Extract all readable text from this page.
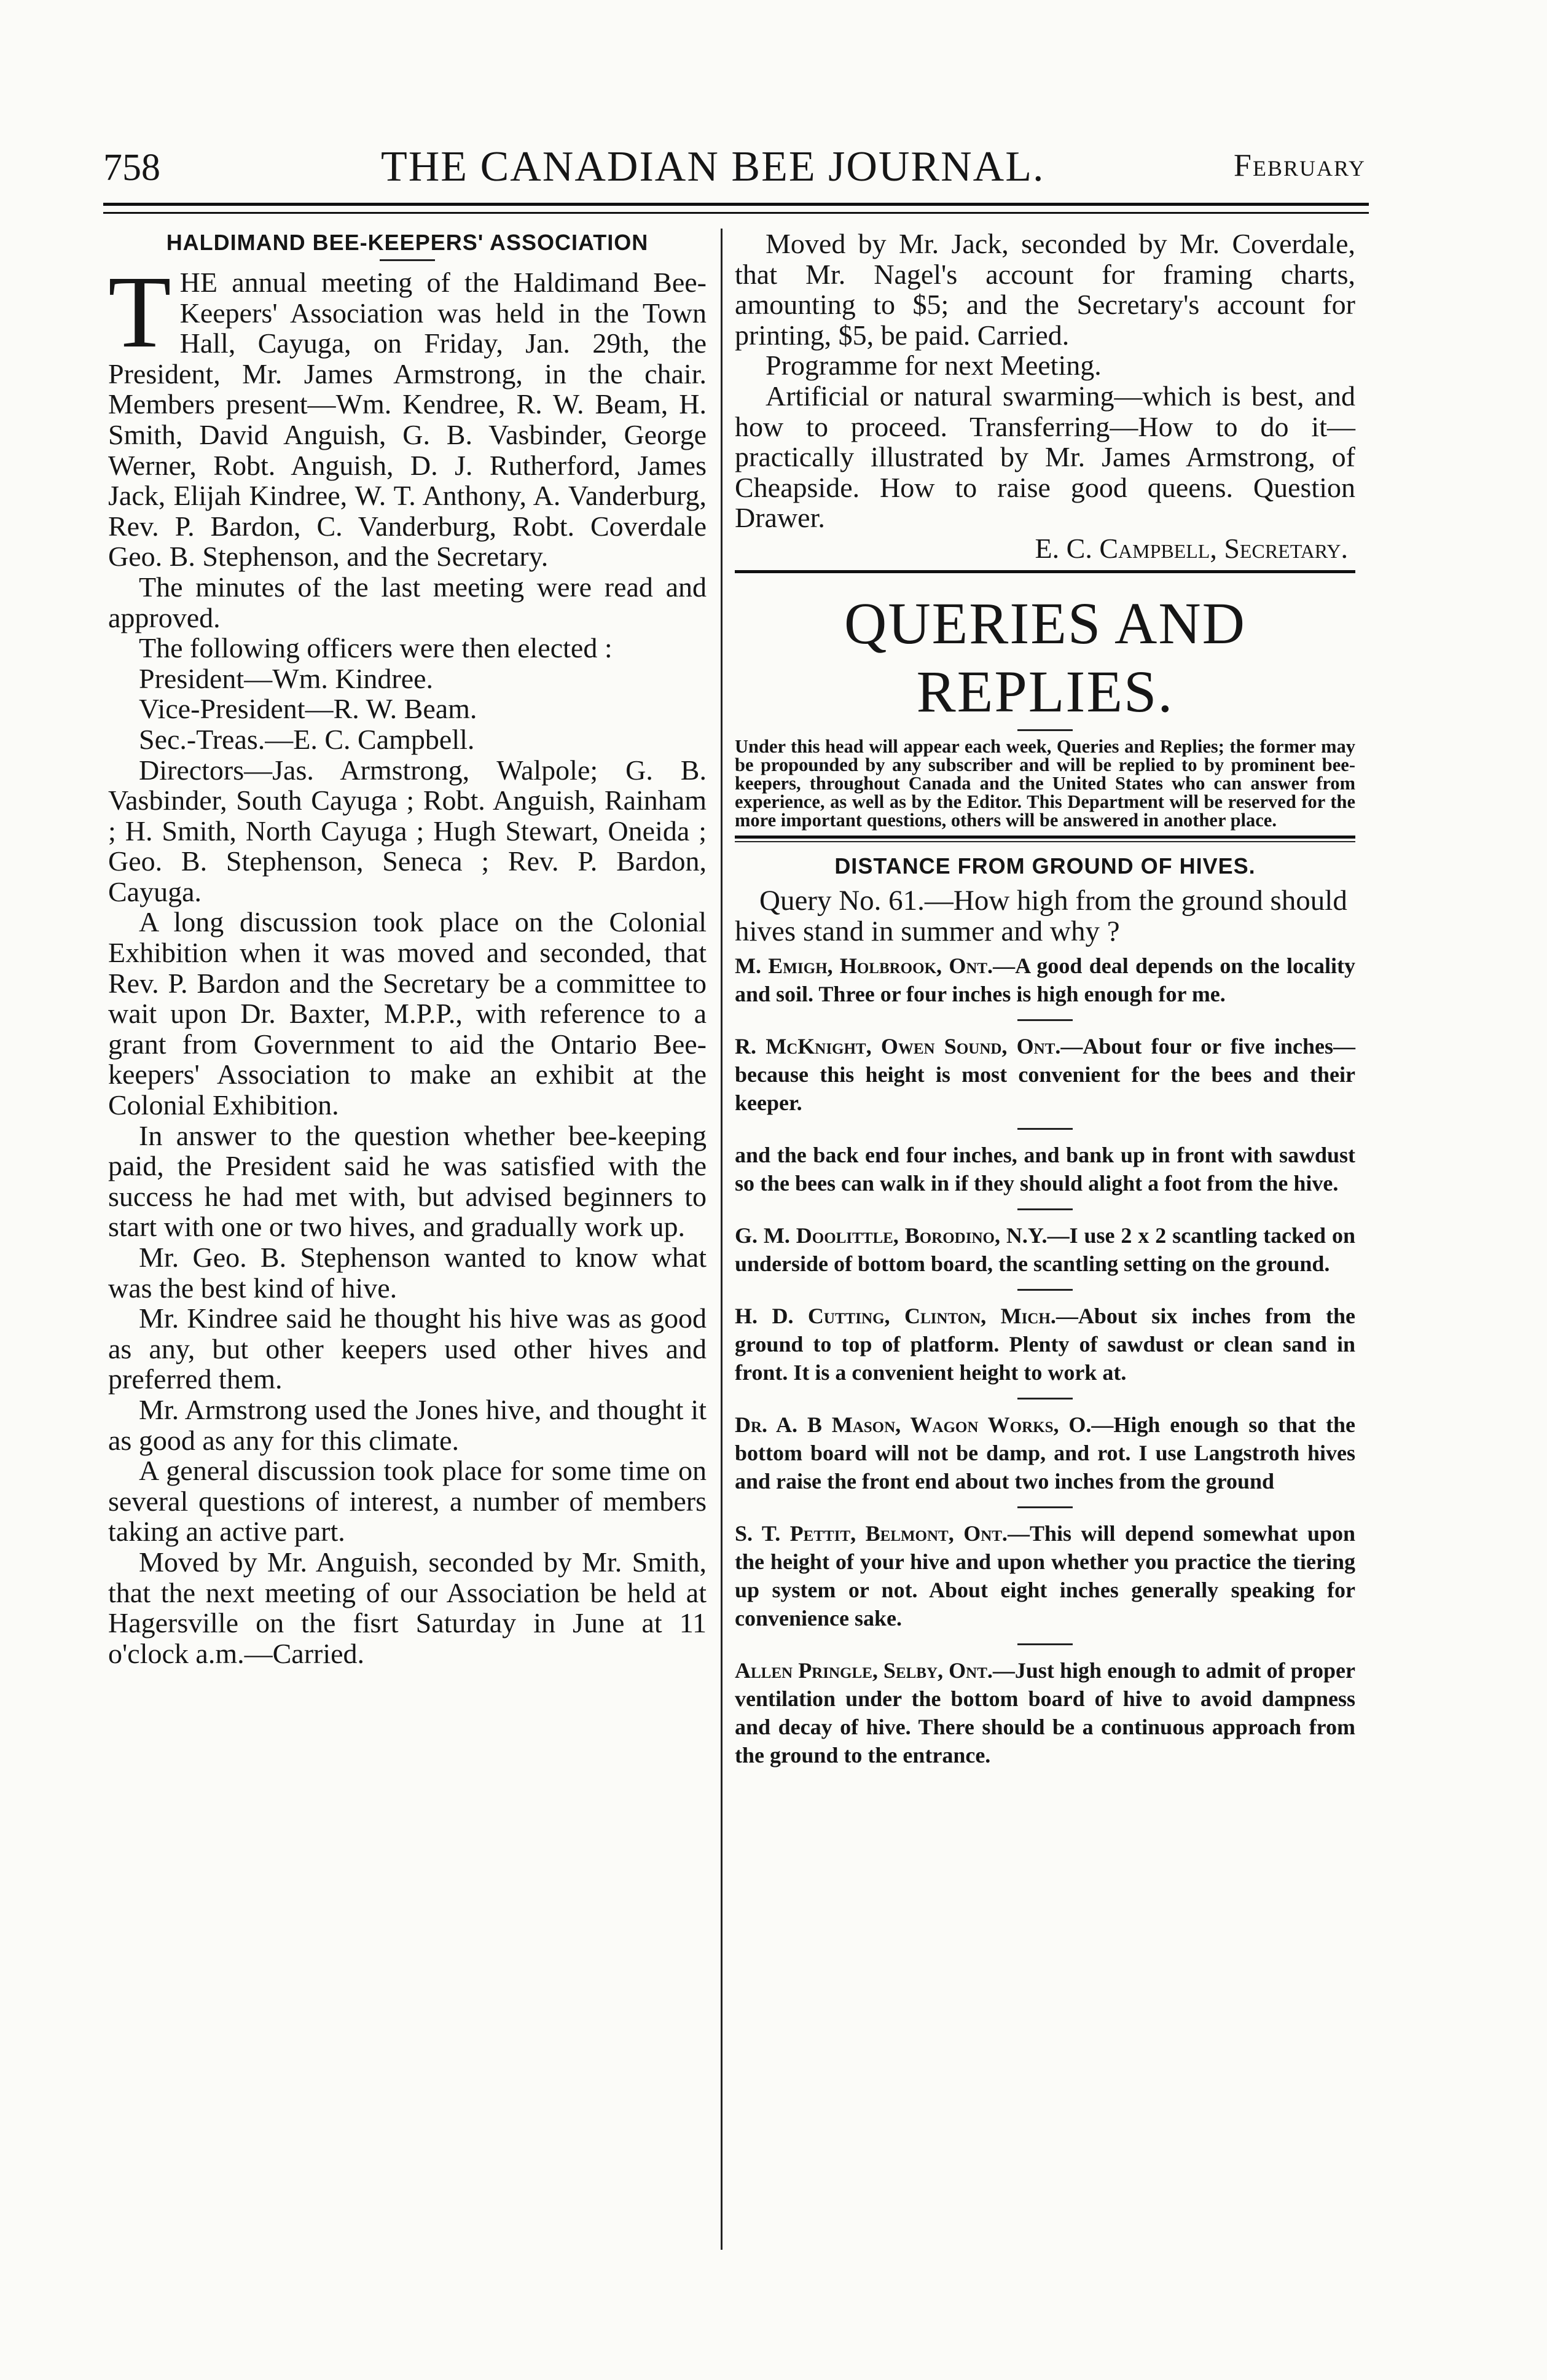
758	THE CANADIAN BEE JOURNAL.	February
HALDIMAND BEE-KEEPERS' ASSOCIATION
T HE annual meeting of the Haldimand Bee-Keepers' Association was held in the Town Hall, Cayuga, on Friday, Jan. 29th, the President, Mr. James Armstrong, in the chair. Members present—Wm. Kendree, R. W. Beam, H. Smith, David Anguish, G. B. Vasbinder, George Werner, Robt. Anguish, D. J. Rutherford, James Jack, Elijah Kindree, W. T. Anthony, A. Vanderburg, Rev. P. Bardon, C. Vanderburg, Robt. Coverdale Geo. B. Stephenson, and the Secretary.

The minutes of the last meeting were read and approved.

The following officers were then elected :

President—Wm. Kindree.

Vice-President—R. W. Beam.

Sec.-Treas.—E. C. Campbell.

Directors—Jas. Armstrong, Walpole; G. B. Vasbinder, South Cayuga ; Robt. Anguish, Rainham ; H. Smith, North Cayuga ; Hugh Stewart, Oneida ; Geo. B. Stephenson, Seneca ; Rev. P. Bardon, Cayuga.

A long discussion took place on the Colonial Exhibition when it was moved and seconded, that Rev. P. Bardon and the Secretary be a committee to wait upon Dr. Baxter, M.P.P., with reference to a grant from Government to aid the Ontario Bee-keepers' Association to make an exhibit at the Colonial Exhibition.

In answer to the question whether bee-keeping paid, the President said he was satisfied with the success he had met with, but advised beginners to start with one or two hives, and gradually work up.

Mr. Geo. B. Stephenson wanted to know what was the best kind of hive.

Mr. Kindree said he thought his hive was as good as any, but other keepers used other hives and preferred them.

Mr. Armstrong used the Jones hive, and thought it as good as any for this climate.

A general discussion took place for some time on several questions of interest, a number of members taking an active part.

Moved by Mr. Anguish, seconded by Mr. Smith, that the next meeting of our Association be held at Hagersville on the fisrt Saturday in June at 11 o'clock a.m.—Carried.

Moved by Mr. Jack, seconded by Mr. Coverdale, that Mr. Nagel's account for framing charts, amounting to $5; and the Secretary's account for printing, $5, be paid. Carried.

Programme for next Meeting.

Artificial or natural swarming—which is best, and how to proceed. Transferring—How to do it—practically illustrated by Mr. James Armstrong, of Cheapside. How to raise good queens. Question Drawer.

E. C. Campbell, Secretary.

QUERIES AND REPLIES.

Under this head will appear each week, Queries and Replies; the former may be propounded by any subscriber and will be replied to by prominent bee-keepers, throughout Canada and the United States who can answer from experience, as well as by the Editor. This Department will be reserved for the more important questions, others will be answered in another place.

DISTANCE FROM GROUND OF HIVES.

Query No. 61.—How high from the ground should hives stand in summer and why ?

M. Emigh, Holbrook, Ont.—A good deal depends on the locality and soil. Three or four inches is high enough for me.

R. McKnight, Owen Sound, Ont.—About four or five inches—because this height is most convenient for the bees and their keeper.

and the back end four inches, and bank up in front with sawdust so the bees can walk in if they should alight a foot from the hive.

G. M. Doolittle, Borodino, N.Y.—I use 2 x 2 scantling tacked on underside of bottom board, the scantling setting on the ground.

H. D. Cutting, Clinton, Mich.—About six inches from the ground to top of platform. Plenty of sawdust or clean sand in front. It is a convenient height to work at.

Dr. A. B Mason, Wagon Works, O.—High enough so that the bottom board will not be damp, and rot. I use Langstroth hives and raise the front end about two inches from the ground

S. T. Pettit, Belmont, Ont.—This will depend somewhat upon the height of your hive and upon whether you practice the tiering up system or not. About eight inches generally speaking for convenience sake.

Allen Pringle, Selby, Ont.—Just high enough to admit of proper ventilation under the bottom board of hive to avoid dampness and decay of hive. There should be a continuous approach from the ground to the entrance.
